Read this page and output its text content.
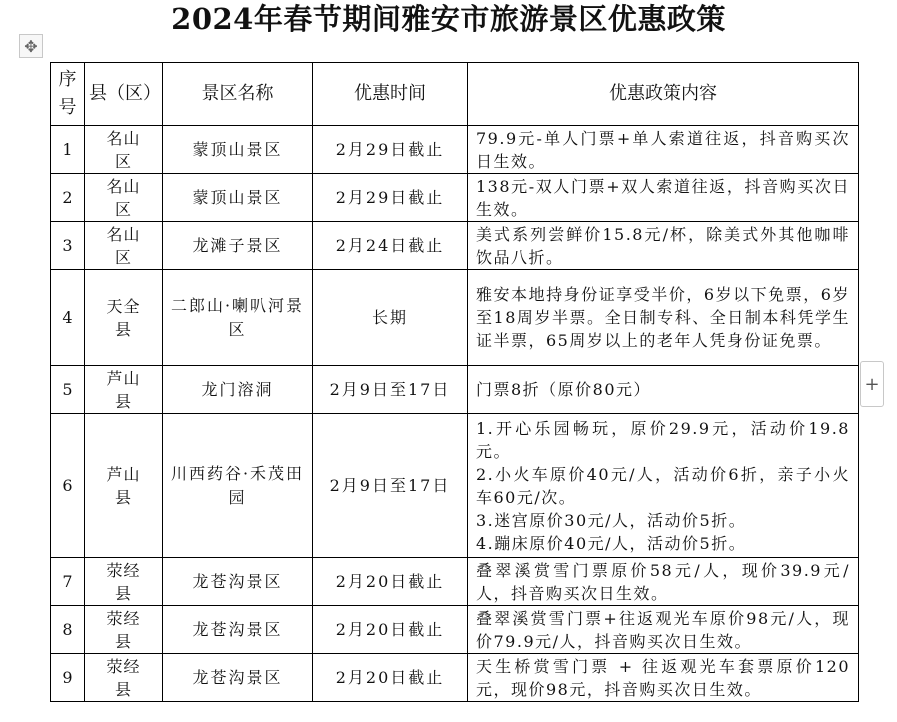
2024年春节期间雅安市旅游景区优惠政策
✥
+
序号	县（区）	景区名称	优惠时间	优惠政策内容
1	名山区	蒙顶山景区	2月29日截止	79.9元-单人门票+单人索道往返，抖音购买次日生效。

2	名山区	蒙顶山景区	2月29日截止	138元-双人门票+双人索道往返，抖音购买次日生效。

3	名山区	龙滩子景区	2月24日截止	美式系列尝鲜价15.8元/杯，除美式外其他咖啡饮品八折。

4	天全县	二郎山·喇叭河景区	长期	雅安本地持身份证享受半价，6岁以下免票，6岁至18周岁半票。全日制专科、全日制本科凭学生证半票，65周岁以上的老年人凭身份证免票。

5	芦山县	龙门溶洞	2月9日至17日	门票8折（原价80元）

6	芦山县	川西药谷·禾茂田园	2月9日至17日	1.开心乐园畅玩，原价29.9元，活动价19.8元。
2.小火车原价40元/人，活动价6折，亲子小火车60元/次。
3.迷宫原价30元/人，活动价5折。
4.蹦床原价40元/人，活动价5折。

7	荥经县	龙苍沟景区	2月20日截止	叠翠溪赏雪门票原价58元/人，现价39.9元/人，抖音购买次日生效。

8	荥经县	龙苍沟景区	2月20日截止	叠翠溪赏雪门票+往返观光车原价98元/人，现价79.9元/人，抖音购买次日生效。

9	荥经县	龙苍沟景区	2月20日截止	天生桥赏雪门票 + 往返观光车套票原价120元，现价98元，抖音购买次日生效。
